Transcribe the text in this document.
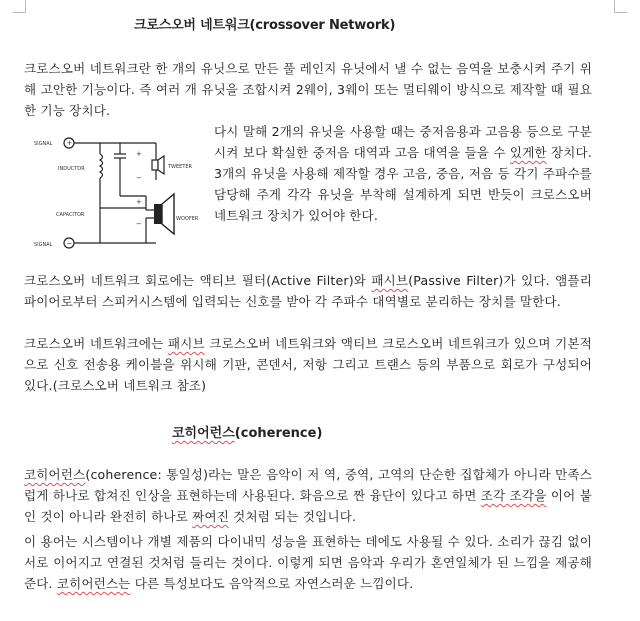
크로스오버 네트워크(crossover Network)
크로스오버 네트워크란 한 개의 유닛으로 만든 풀 레인지 유닛에서 낼 수 없는 음역을 보충시켜 주기 위해 고안한 기능이다. 즉 여러 개 유닛을 조합시켜 2웨이, 3웨이 또는 멀티웨이 방식으로 제작할 때 필요한 기능 장치다.
+
−
+
−
+
−
SIGNAL
SIGNAL
INDUCTOR
CAPACITOR
TWEETER
WOOFER
다시 말해 2개의 유닛을 사용할 때는 중저음용과 고음용 등으로 구분시켜 보다 확실한 중저음 대역과 고음 대역을 들을 수 있게한 장치다. 3개의 유닛을 사용해 제작할 경우 고음, 중음, 저음 등 각기 주파수를 담당해 주게 각각 유닛을 부착해 설계하게 되면 반듯이 크로스오버 네트워크 장치가 있어야 한다.
크로스오버 네트워크 회로에는 액티브 필터(Active Filter)와 패시브(Passive Filter)가 있다. 앰플리파이어로부터 스피커시스템에 입력되는 신호를 받아 각 주파수 대역별로 분리하는 장치를 말한다.
크로스오버 네트워크에는 패시브 크로스오버 네트워크와 액티브 크로스오버 네트워크가 있으며 기본적으로 신호 전송용 케이블을 위시해 기판, 콘덴서, 저항 그리고 트랜스 등의 부품으로 회로가 구성되어 있다.(크로스오버 네트워크 참조)
코히어런스(coherence)
코히어런스(coherence: 통일성)라는 말은 음악이 저 역, 중역, 고역의 단순한 집합체가 아니라 만족스럽게 하나로 합쳐진 인상을 표현하는데 사용된다. 화음으로 짠 융단이 있다고 하면 조각 조각을 이어 붙인 것이 아니라 완전히 하나로 짜여진 것처럼 되는 것입니다.
이 용어는 시스템이나 개별 제품의 다이내믹 성능을 표현하는 데에도 사용될 수 있다. 소리가 끊김 없이 서로 이어지고 연결된 것처럼 들리는 것이다. 이렇게 되면 음악과 우리가 혼연일체가 된 느낌을 제공해 준다. 코히어런스는 다른 특성보다도 음악적으로 자연스러운 느낌이다.
